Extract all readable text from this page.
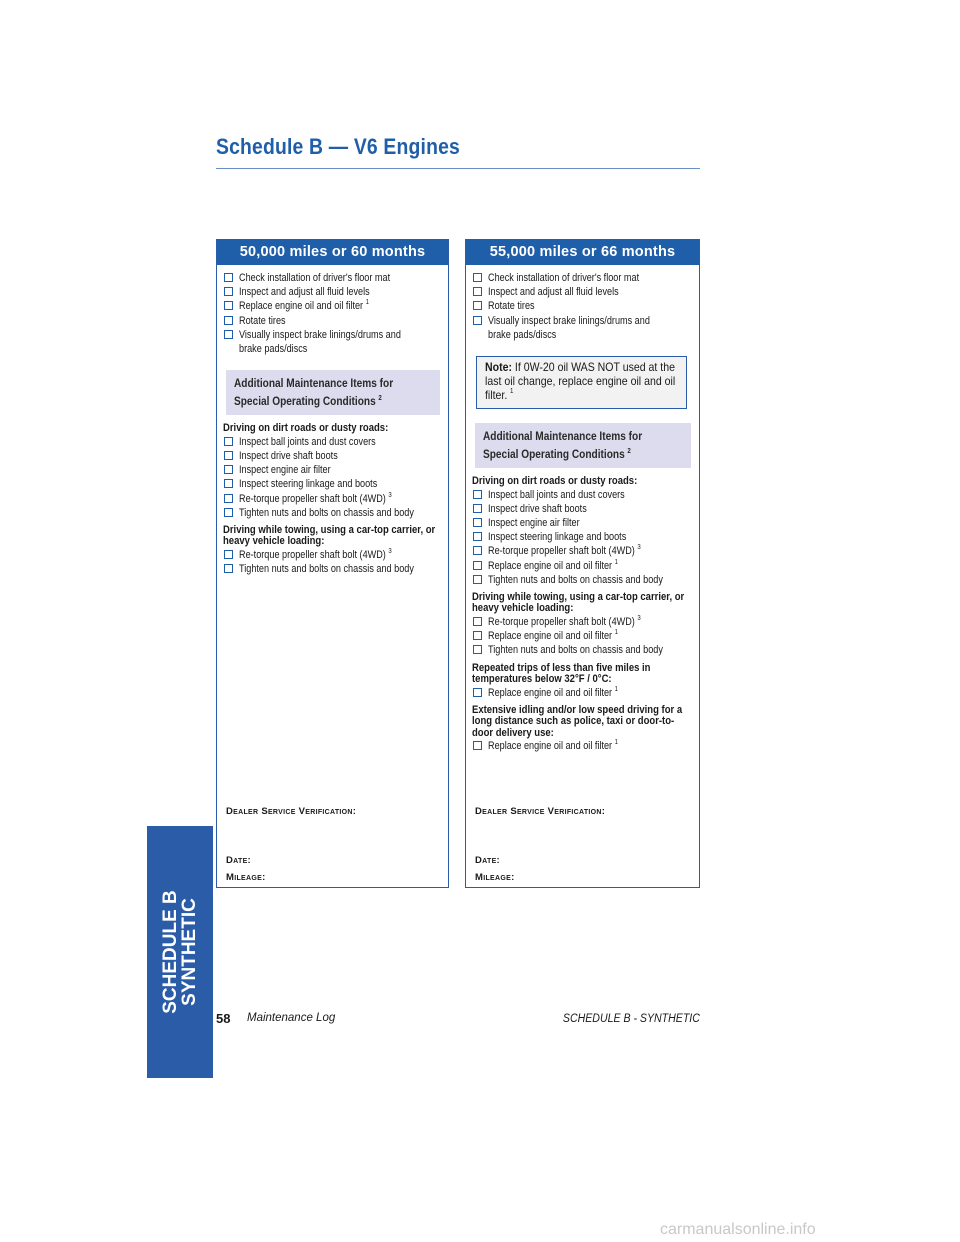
Schedule B — V6 Engines
50,000 miles or 60 months
Check installation of driver's floor mat
Inspect and adjust all fluid levels
Replace engine oil and oil filter $^1$
Rotate tires
Visually inspect brake linings/drums and brake pads/discs
Additional Maintenance Items for
Special Operating Conditions $^2$
Driving on dirt roads or dusty roads:
Inspect ball joints and dust covers
Inspect drive shaft boots
Inspect engine air filter
Inspect steering linkage and boots
Re-torque propeller shaft bolt (4WD) $^3$
Tighten nuts and bolts on chassis and body
Driving while towing, using a car-top carrier, or heavy vehicle loading:
Re-torque propeller shaft bolt (4WD) $^3$
Tighten nuts and bolts on chassis and body
Dealer Service Verification:
Date:
Mileage:
55,000 miles or 66 months
Check installation of driver's floor mat
Inspect and adjust all fluid levels
Rotate tires
Visually inspect brake linings/drums and brake pads/discs
Note: If 0W-20 oil WAS NOT used at the last oil change, replace engine oil and oil filter. $^1$
Additional Maintenance Items for
Special Operating Conditions $^2$
Driving on dirt roads or dusty roads:
Inspect ball joints and dust covers
Inspect drive shaft boots
Inspect engine air filter
Inspect steering linkage and boots
Re-torque propeller shaft bolt (4WD) $^3$
Replace engine oil and oil filter $^1$
Tighten nuts and bolts on chassis and body
Driving while towing, using a car-top carrier, or heavy vehicle loading:
Re-torque propeller shaft bolt (4WD) $^3$
Replace engine oil and oil filter $^1$
Tighten nuts and bolts on chassis and body
Repeated trips of less than five miles in temperatures below 32°F / 0°C:
Replace engine oil and oil filter $^1$
Extensive idling and/or low speed driving for a long distance such as police, taxi or door-to-door delivery use:
Replace engine oil and oil filter $^1$
Dealer Service Verification:
Date:
Mileage:
SCHEDULE B
SYNTHETIC
58 Maintenance Log	SCHEDULE B - SYNTHETIC
carmanualsonline.info
